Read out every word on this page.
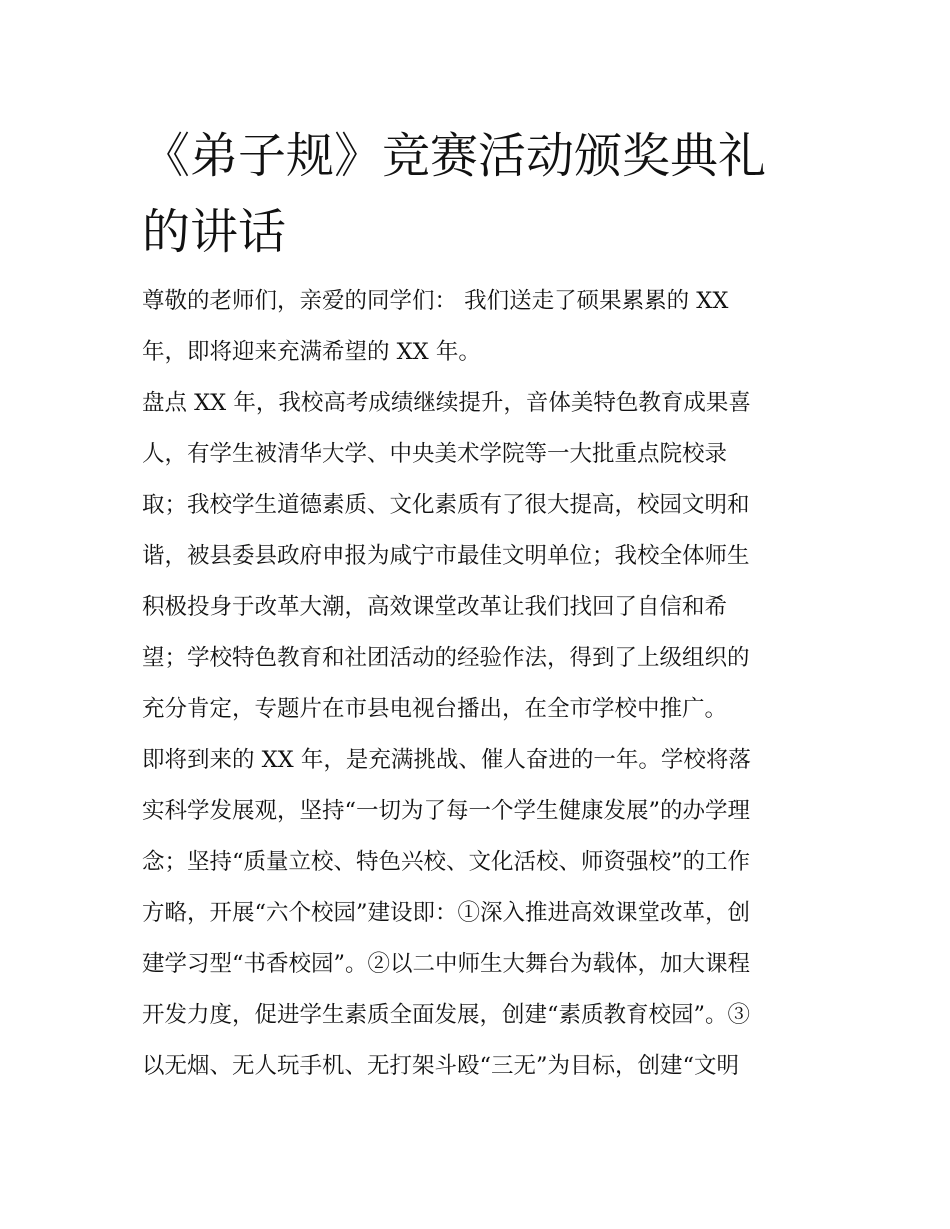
《弟子规》竞赛活动颁奖典礼
的讲话
尊敬的老师们，亲爱的同学们： 我们送走了硕果累累的 XX
年，即将迎来充满希望的 XX 年。
盘点 XX 年，我校高考成绩继续提升，音体美特色教育成果喜
人，有学生被清华大学、中央美术学院等一大批重点院校录
取；我校学生道德素质、文化素质有了很大提高，校园文明和
谐，被县委县政府申报为咸宁市最佳文明单位；我校全体师生
积极投身于改革大潮，高效课堂改革让我们找回了自信和希
望；学校特色教育和社团活动的经验作法，得到了上级组织的
充分肯定，专题片在市县电视台播出，在全市学校中推广。
即将到来的 XX 年，是充满挑战、催人奋进的一年。学校将落
实科学发展观，坚持“一切为了每一个学生健康发展”的办学理
念；坚持“质量立校、特色兴校、文化活校、师资强校”的工作
方略，开展“六个校园”建设即：①深入推进高效课堂改革，创
建学习型“书香校园”。②以二中师生大舞台为载体，加大课程
开发力度，促进学生素质全面发展，创建“素质教育校园”。③
以无烟、无人玩手机、无打架斗殴“三无”为目标，创建“文明
